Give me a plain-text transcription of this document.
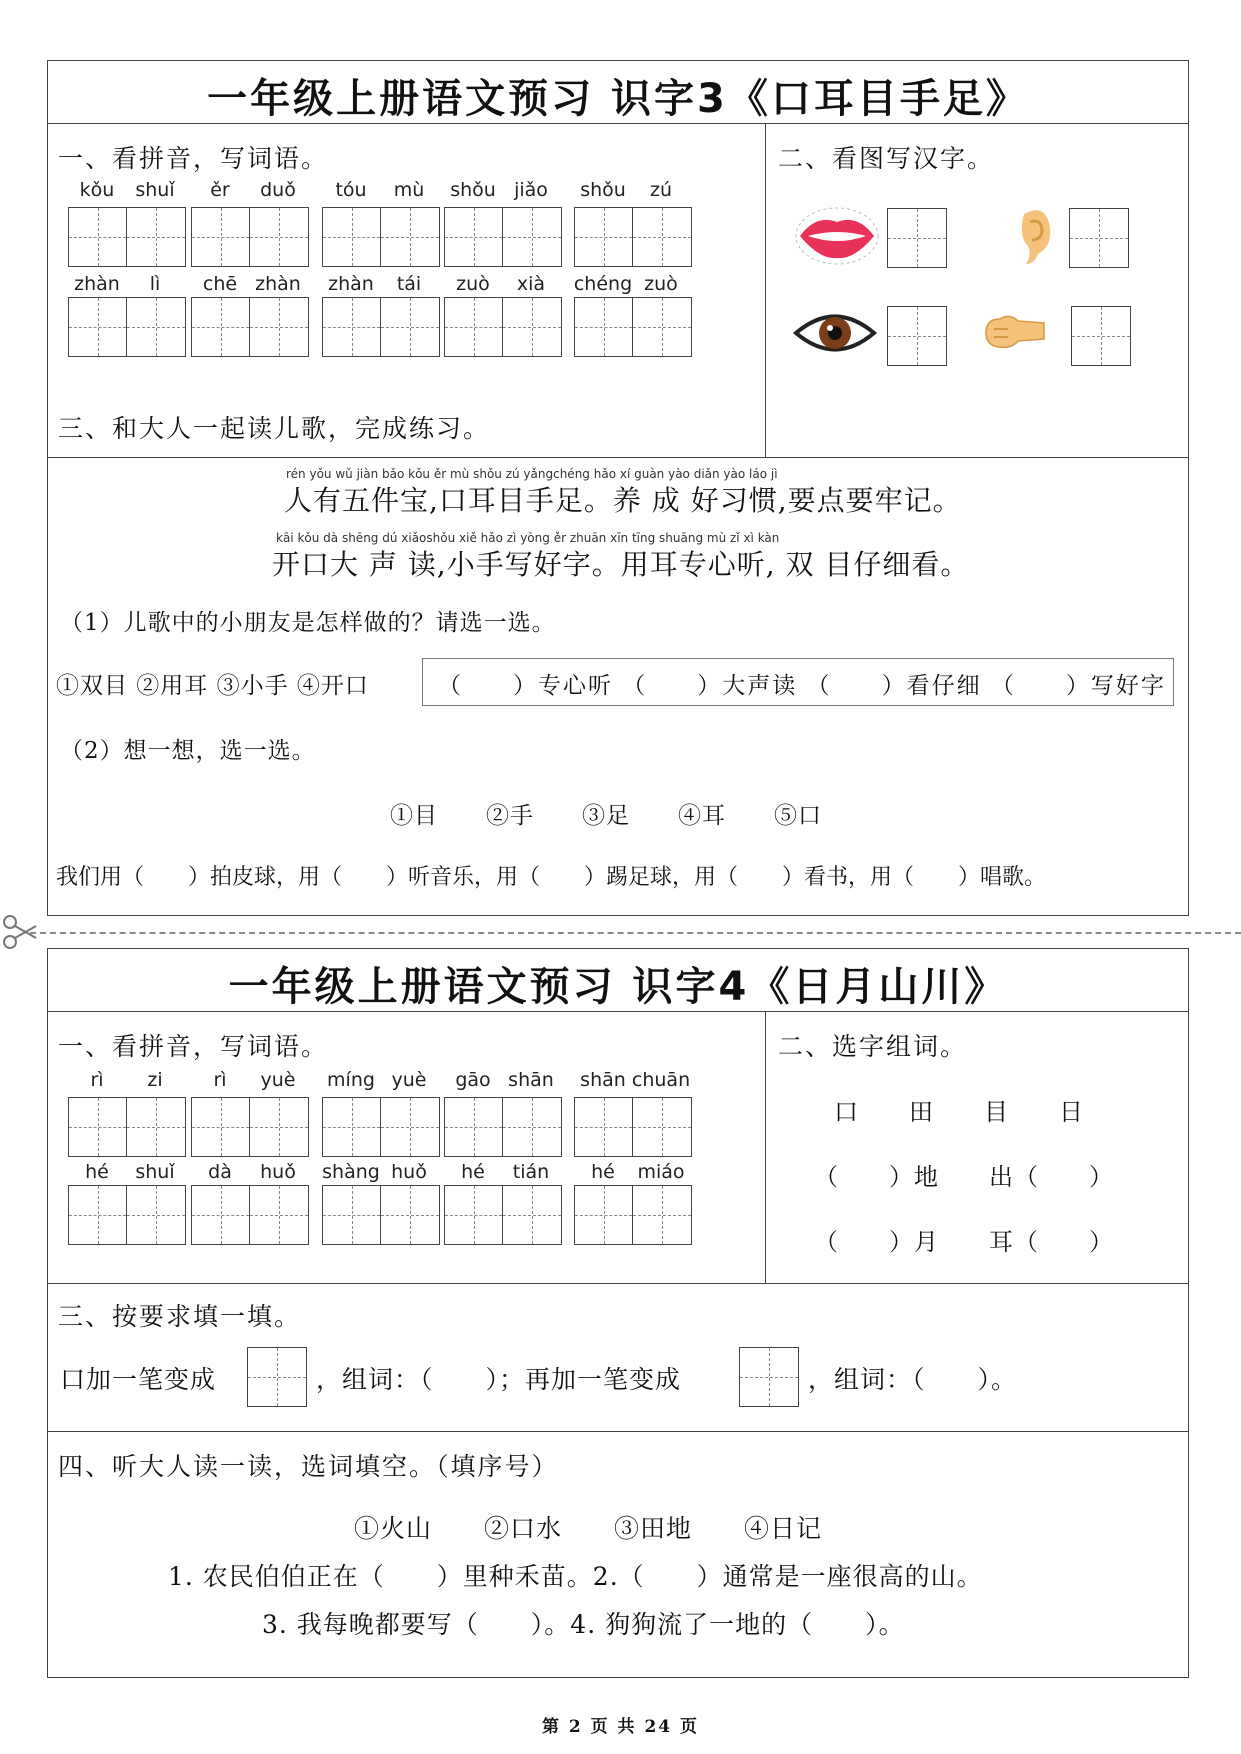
一年级上册语文预习 识字3《口耳目手足》
一、看拼音，写词语。
kǒu	shuǐ	ěr	duǒ	tóu	mù	shǒu jiǎo	shǒu	zú
zhàn	lì	chē zhàn	zhàn	tái	zuò	xià	chéng zuò
二、看图写汉字。
三、和大人一起读儿歌，完成练习。
rén yǒu wǔ jiàn bǎo kǒu ěr mù shǒu zú yǎngchéng hǎo xí guàn yào diǎn yào láo jì
人有五件宝,口耳目手足。养 成 好习惯,要点要牢记。
kāi kǒu dà shēng dú xiǎoshǒu xiě hǎo zì yòng ěr zhuān xīn tīng shuāng mù zǐ xì kàn
开口大 声 读,小手写好字。用耳专心听, 双 目仔细看。
（1）儿歌中的小朋友是怎样做的？请选一选。
①双目 ②用耳 ③小手 ④开口	（　　）专心听 （　　）大声读 （　　）看仔细 （　　）写好字
（2）想一想，选一选。
①目　　②手　　③足　　④耳　　⑤口
我们用（　　）拍皮球，用（　　）听音乐，用（　　）踢足球，用（　　）看书，用（　　）唱歌。
一年级上册语文预习 识字4《日月山川》
一、看拼音，写词语。
rì	zi	rì	yuè	míng yuè	gāo shān	shān chuān
hé	shuǐ	dà	huǒ	shàng huǒ	hé	tián	hé	miáo
二、选字组词。
口　　田　　目　　日
（　　）地　　出（　　）
（　　）月　　耳（　　）
三、按要求填一填。
口加一笔变成	，组词：（　　）；再加一笔变成	，组词：（　　）。
四、听大人读一读，选词填空。（填序号）
①火山　　②口水　　③田地　　④日记
1. 农民伯伯正在（　　）里种禾苗。2.（　　）通常是一座很高的山。
3. 我每晚都要写（　　）。4. 狗狗流了一地的（　　）。
第 2 页 共 24 页
